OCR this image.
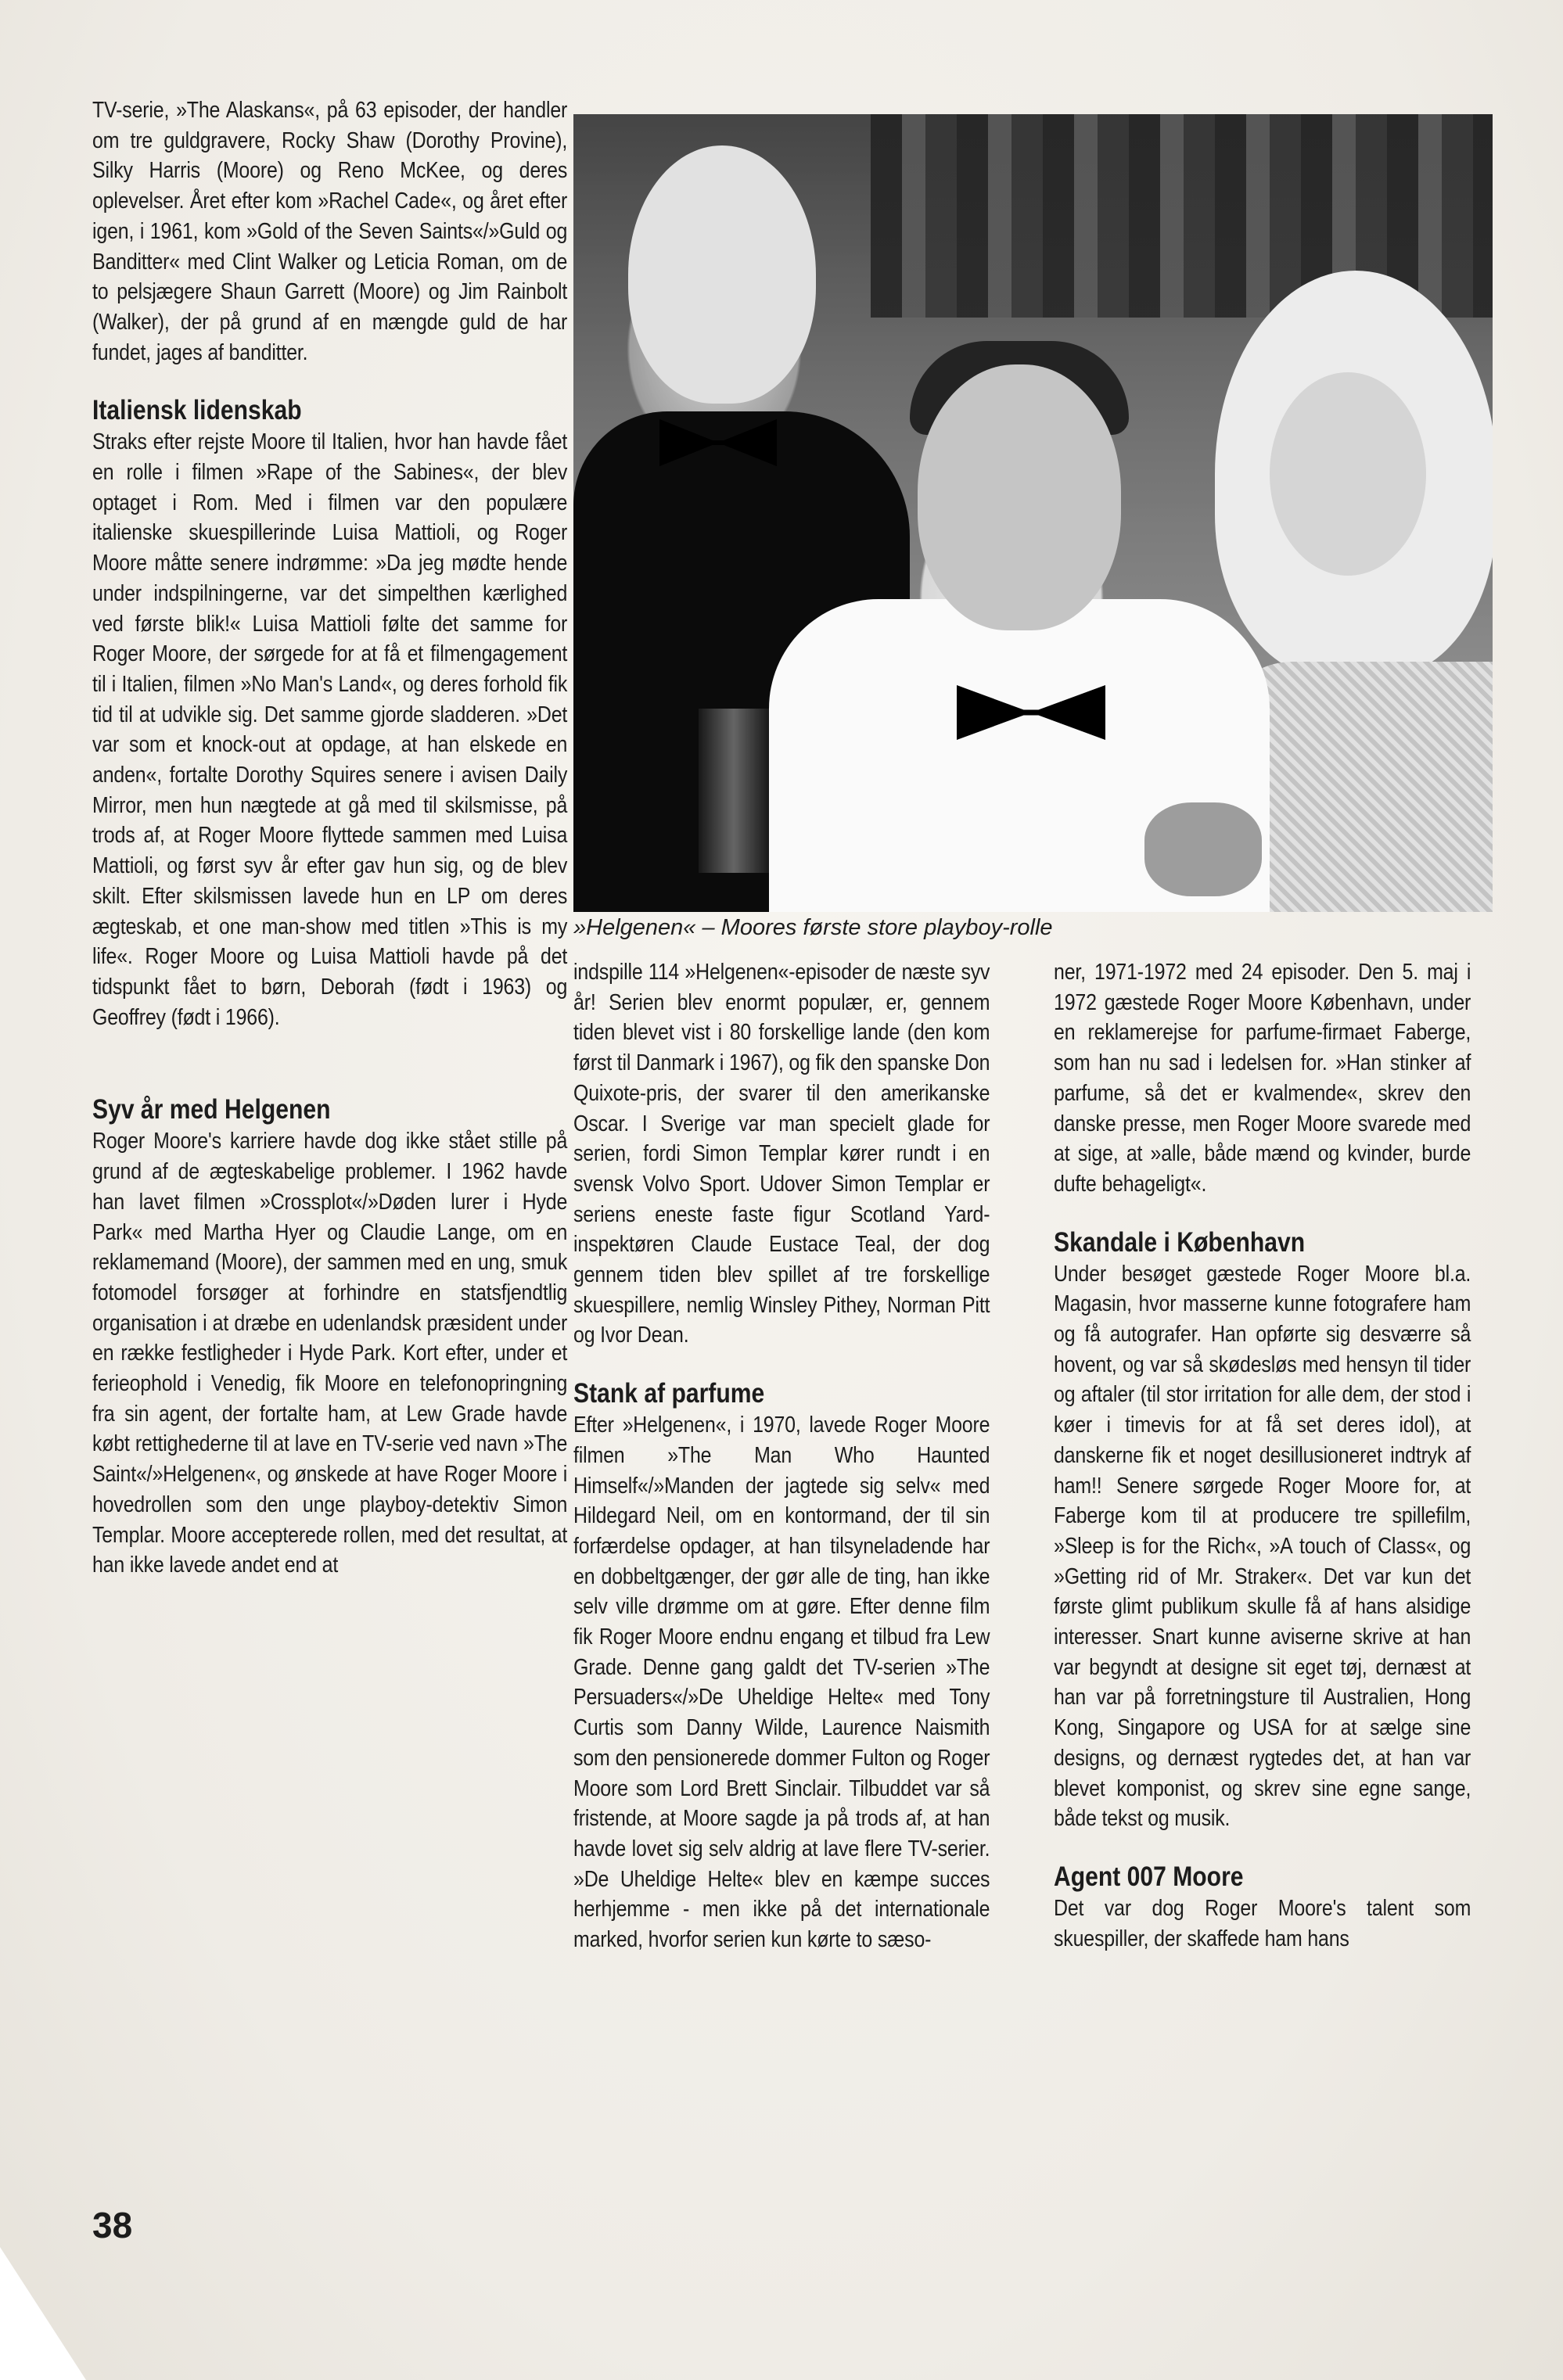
TV-serie, »The Alaskans«, på 63 episoder, der handler om tre guldgravere, Rocky Shaw (Dorothy Provine), Silky Harris (Moore) og Reno McKee, og deres oplevelser. Året efter kom »Rachel Cade«, og året efter igen, i 1961, kom »Gold of the Seven Saints«/»Guld og Banditter« med Clint Walker og Leticia Roman, om de to pelsjægere Shaun Garrett (Moore) og Jim Rainbolt (Walker), der på grund af en mængde guld de har fundet, jages af banditter.

Italiensk lidenskab

Straks efter rejste Moore til Italien, hvor han havde fået en rolle i filmen »Rape of the Sabines«, der blev optaget i Rom. Med i filmen var den populære italienske skuespillerinde Luisa Mattioli, og Roger Moore måtte senere indrømme: »Da jeg mødte hende under indspilningerne, var det simpelthen kærlighed ved første blik!« Luisa Mattioli følte det samme for Roger Moore, der sørgede for at få et filmengagement til i Italien, filmen »No Man's Land«, og deres forhold fik tid til at udvikle sig. Det samme gjorde sladderen. »Det var som et knock-out at opdage, at han elskede en anden«, fortalte Dorothy Squires senere i avisen Daily Mirror, men hun nægtede at gå med til skilsmisse, på trods af, at Roger Moore flyttede sammen med Luisa Mattioli, og først syv år efter gav hun sig, og de blev skilt. Efter skilsmissen lavede hun en LP om deres ægteskab, et one man-show med titlen »This is my life«. Roger Moore og Luisa Mattioli havde på det tidspunkt fået to børn, Deborah (født i 1963) og Geoffrey (født i 1966).

Syv år med Helgenen

Roger Moore's karriere havde dog ikke stået stille på grund af de ægteskabelige problemer. I 1962 havde han lavet filmen »Crossplot«/»Døden lurer i Hyde Park« med Martha Hyer og Claudie Lange, om en reklamemand (Moore), der sammen med en ung, smuk fotomodel forsøger at forhindre en statsfjendtlig organisation i at dræbe en udenlandsk præsident under en række festligheder i Hyde Park. Kort efter, under et ferieophold i Venedig, fik Moore en telefonopringning fra sin agent, der fortalte ham, at Lew Grade havde købt rettighederne til at lave en TV-serie ved navn »The Saint«/»Helgenen«, og ønskede at have Roger Moore i hovedrollen som den unge playboy-detektiv Simon Templar. Moore accepterede rollen, med det resultat, at han ikke lavede andet end at

»Helgenen« – Moores første store playboy-rolle

indspille 114 »Helgenen«-episoder de næste syv år! Serien blev enormt populær, er, gennem tiden blevet vist i 80 forskellige lande (den kom først til Danmark i 1967), og fik den spanske Don Quixote-pris, der svarer til den amerikanske Oscar. I Sverige var man specielt glade for serien, fordi Simon Templar kører rundt i en svensk Volvo Sport. Udover Simon Templar er seriens eneste faste figur Scotland Yard-inspektøren Claude Eustace Teal, der dog gennem tiden blev spillet af tre forskellige skuespillere, nemlig Winsley Pithey, Norman Pitt og Ivor Dean.

Stank af parfume

Efter »Helgenen«, i 1970, lavede Roger Moore filmen »The Man Who Haunted Himself«/»Manden der jagtede sig selv« med Hildegard Neil, om en kontormand, der til sin forfærdelse opdager, at han tilsyneladende har en dobbeltgænger, der gør alle de ting, han ikke selv ville drømme om at gøre. Efter denne film fik Roger Moore endnu engang et tilbud fra Lew Grade. Denne gang galdt det TV-serien »The Persuaders«/»De Uheldige Helte« med Tony Curtis som Danny Wilde, Laurence Naismith som den pensionerede dommer Fulton og Roger Moore som Lord Brett Sinclair. Tilbuddet var så fristende, at Moore sagde ja på trods af, at han havde lovet sig selv aldrig at lave flere TV-serier. »De Uheldige Helte« blev en kæmpe succes herhjemme - men ikke på det internationale marked, hvorfor serien kun kørte to sæso-

ner, 1971-1972 med 24 episoder. Den 5. maj i 1972 gæstede Roger Moore København, under en reklamerejse for parfume-firmaet Faberge, som han nu sad i ledelsen for. »Han stinker af parfume, så det er kvalmende«, skrev den danske presse, men Roger Moore svarede med at sige, at »alle, både mænd og kvinder, burde dufte behageligt«.

Skandale i København

Under besøget gæstede Roger Moore bl.a. Magasin, hvor masserne kunne fotografere ham og få autografer. Han opførte sig desværre så hovent, og var så skødesløs med hensyn til tider og aftaler (til stor irritation for alle dem, der stod i køer i timevis for at få set deres idol), at danskerne fik et noget desillusioneret indtryk af ham!! Senere sørgede Roger Moore for, at Faberge kom til at producere tre spillefilm, »Sleep is for the Rich«, »A touch of Class«, og »Getting rid of Mr. Straker«. Det var kun det første glimt publikum skulle få af hans alsidige interesser. Snart kunne aviserne skrive at han var begyndt at designe sit eget tøj, dernæst at han var på forretningsture til Australien, Hong Kong, Singapore og USA for at sælge sine designs, og dernæst rygtedes det, at han var blevet komponist, og skrev sine egne sange, både tekst og musik.

Agent 007 Moore

Det var dog Roger Moore's talent som skuespiller, der skaffede ham hans

38
